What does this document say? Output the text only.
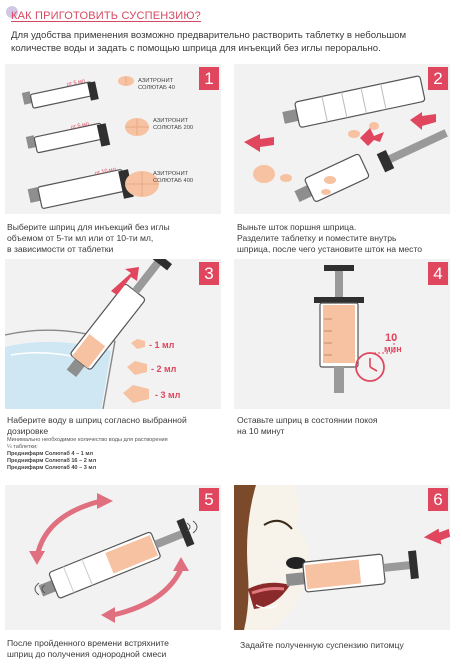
КАК ПРИГОТОВИТЬ СУСПЕНЗИЮ?
Для удобства применения возможно предварительно растворить таблетку в небольшом количестве воды и задать с помощью шприца для инъекций без иглы перорально.
от 5 мл
от 5 мл
от 10 мл
АЗИТРОНИТ
СОЛЮТАБ 40
АЗИТРОНИТ
СОЛЮТАБ 200
АЗИТРОНИТ
СОЛЮТАБ 400
1
Выберите шприц для инъекций без иглы
объемом от 5-ти мл или от 10-ти мл,
в зависимости от таблетки
2
Выньте шток поршня шприца.
Разделите таблетку и поместите внутрь
шприца, после чего установите шток на место
- 1 мл
- 2 мл
- 3 мл
3
Наберите воду в шприц согласно выбранной
дозировке
Минимально необходимое количество воды для растворения
¼ таблетки:
Преднифарм Солютаб 4 – 1 мл
Преднифарм Солютаб 16 – 2 мл
Преднифарм Солютаб 40 – 3 мл
10
мин
4
Оставьте шприц в состоянии покоя
на 10 минут
5
После пройденного времени встряхните
шприц до получения однородной смеси
6
Задайте полученную суспензию питомцу
